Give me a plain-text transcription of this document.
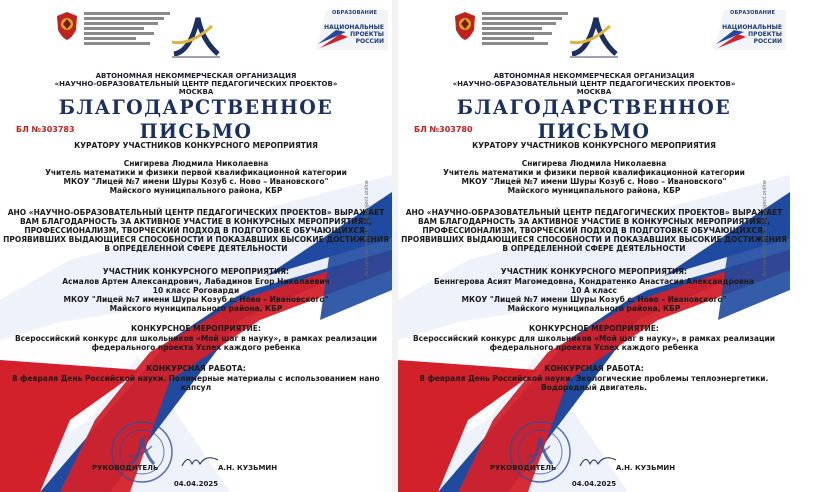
ОБРАЗОВАНИЕ
НАЦИОНАЛЬНЫЕ
ПРОЕКТЫ
РОССИИ
АВТОНОМНАЯ НЕКОММЕРЧЕСКАЯ ОРГАНИЗАЦИЯ
«НАУЧНО-ОБРАЗОВАТЕЛЬНЫЙ ЦЕНТР ПЕДАГОГИЧЕСКИХ ПРОЕКТОВ»
МОСКВА
БЛАГОДАРСТВЕННОЕ ПИСЬМО
БЛ №303780
КУРАТОРУ УЧАСТНИКОВ КОНКУРСНОГО МЕРОПРИЯТИЯ
Снигирева Людмила Николаевна
Учитель математики и физики первой квалификационной категории
МКОУ "Лицей №7 имени Шуры Козуб с. Ново – Ивановского"
Майского муниципального района, КБР
АНО «НАУЧНО-ОБРАЗОВАТЕЛЬНЫЙ ЦЕНТР ПЕДАГОГИЧЕСКИХ ПРОЕКТОВ» ВЫРАЖАЕТ
ВАМ БЛАГОДАРНОСТЬ ЗА АКТИВНОЕ УЧАСТИЕ В КОНКУРСНЫХ МЕРОПРИЯТИЯХ,
ПРОФЕССИОНАЛИЗМ, ТВОРЧЕСКИЙ ПОДХОД В ПОДГОТОВКЕ ОБУЧАЮЩИХСЯ,
ПРОЯВИВШИХ ВЫДАЮЩИЕСЯ СПОСОБНОСТИ И ПОКАЗАВШИХ ВЫСОКИЕ ДОСТИЖЕНИЯ
В ОПРЕДЕЛЕННОЙ СФЕРЕ ДЕЯТЕЛЬНОСТИ
УЧАСТНИК КОНКУРСНОГО МЕРОПРИЯТИЯ:
Беннгерова Асият Магомедовна, Кондратенко Анастасия Александровна
10 А класс
МКОУ "Лицей №7 имени Шуры Козуб с. Ново – Ивановского"
Майского муниципального района, КБР
КОНКУРСНОЕ МЕРОПРИЯТИЕ:
Всероссийский конкурс для школьников «Мой шаг в науку», в рамках реализации
федерального проекта Успех каждого ребенка
КОНКУРСНАЯ РАБОТА:
8 февраля День Российской науки. Экологические проблемы теплоэнергетики.
Водородный двигатель.
Авторские права © prbproject.online
РУКОВОДИТЕЛЬ	А.Н. КУЗЬМИН
04.04.2025
ОБРАЗОВАНИЕ
НАЦИОНАЛЬНЫЕ
ПРОЕКТЫ
РОССИИ
АВТОНОМНАЯ НЕКОММЕРЧЕСКАЯ ОРГАНИЗАЦИЯ
«НАУЧНО-ОБРАЗОВАТЕЛЬНЫЙ ЦЕНТР ПЕДАГОГИЧЕСКИХ ПРОЕКТОВ»
МОСКВА
БЛАГОДАРСТВЕННОЕ ПИСЬМО
БЛ №303783
КУРАТОРУ УЧАСТНИКОВ КОНКУРСНОГО МЕРОПРИЯТИЯ
Снигирева Людмила Николаевна
Учитель математики и физики первой квалификационной категории
МКОУ "Лицей №7 имени Шуры Козуб с. Ново – Ивановского"
Майского муниципального района, КБР
АНО «НАУЧНО-ОБРАЗОВАТЕЛЬНЫЙ ЦЕНТР ПЕДАГОГИЧЕСКИХ ПРОЕКТОВ» ВЫРАЖАЕТ
ВАМ БЛАГОДАРНОСТЬ ЗА АКТИВНОЕ УЧАСТИЕ В КОНКУРСНЫХ МЕРОПРИЯТИЯХ,
ПРОФЕССИОНАЛИЗМ, ТВОРЧЕСКИЙ ПОДХОД В ПОДГОТОВКЕ ОБУЧАЮЩИХСЯ,
ПРОЯВИВШИХ ВЫДАЮЩИЕСЯ СПОСОБНОСТИ И ПОКАЗАВШИХ ВЫСОКИЕ ДОСТИЖЕНИЯ
В ОПРЕДЕЛЕННОЙ СФЕРЕ ДЕЯТЕЛЬНОСТИ
УЧАСТНИК КОНКУРСНОГО МЕРОПРИЯТИЯ:
Асмалов Артем Александрович, Лабадинов Егор Николаевич
10 класс Роговарди
МКОУ "Лицей №7 имени Шуры Козуб с. Ново – Ивановского"
Майского муниципального района, КБР
КОНКУРСНОЕ МЕРОПРИЯТИЕ:
Всероссийский конкурс для школьников «Мой шаг в науку», в рамках реализации
федерального проекта Успех каждого ребенка
КОНКУРСНАЯ РАБОТА:
8 февраля День Российской науки. Полимерные материалы с использованием нано
капсул
Авторские права © prbproject.online
РУКОВОДИТЕЛЬ	А.Н. КУЗЬМИН
04.04.2025
